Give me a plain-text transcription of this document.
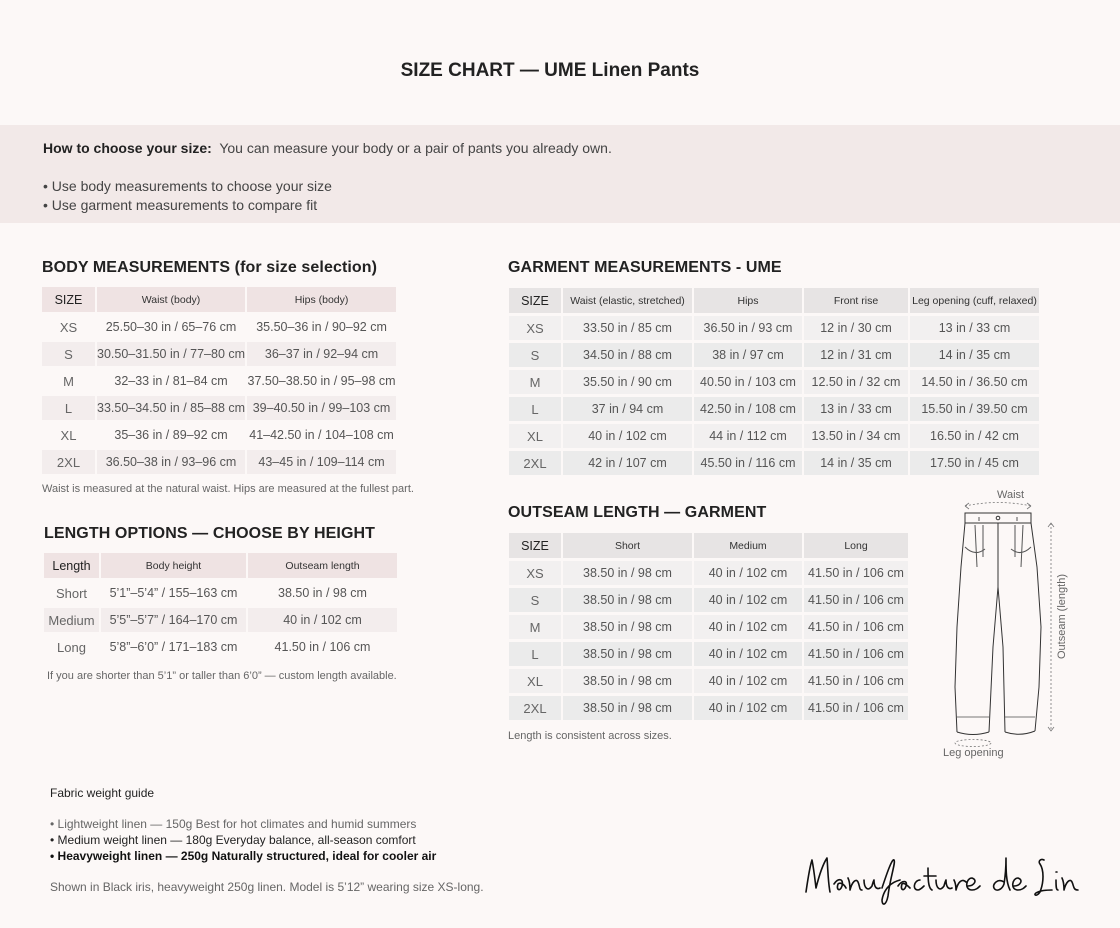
SIZE CHART — UME Linen Pants
How to choose your size: You can measure your body or a pair of pants you already own.
• Use body measurements to choose your size
• Use garment measurements to compare fit
BODY MEASUREMENTS (for size selection)
SIZE	Waist (body)	Hips (body)
XS	25.50–30 in / 65–76 cm	35.50–36 in / 90–92 cm
S	30.50–31.50 in / 77–80 cm	36–37 in / 92–94 cm
M	32–33 in / 81–84 cm	37.50–38.50 in / 95–98 cm
L	33.50–34.50 in / 85–88 cm	39–40.50 in / 99–103 cm
XL	35–36 in / 89–92 cm	41–42.50 in / 104–108 cm
2XL	36.50–38 in / 93–96 cm	43–45 in / 109–114 cm
Waist is measured at the natural waist. Hips are measured at the fullest part.
LENGTH OPTIONS — CHOOSE BY HEIGHT
Length	Body height	Outseam length
Short	5’1”–5’4” / 155–163 cm	38.50 in / 98 cm
Medium	5’5”–5’7” / 164–170 cm	40 in / 102 cm
Long	5’8”–6’0” / 171–183 cm	41.50 in / 106 cm
If you are shorter than 5’1” or taller than 6’0” — custom length available.
GARMENT MEASUREMENTS - UME
SIZE	Waist (elastic, stretched)	Hips	Front rise	Leg opening (cuff, relaxed)
XS	33.50 in / 85 cm	36.50 in / 93 cm	12 in / 30 cm	13 in / 33 cm
S	34.50 in / 88 cm	38 in / 97 cm	12 in / 31 cm	14 in / 35 cm
M	35.50 in / 90 cm	40.50 in / 103 cm	12.50 in / 32 cm	14.50 in / 36.50 cm
L	37 in / 94 cm	42.50 in / 108 cm	13 in / 33 cm	15.50 in / 39.50 cm
XL	40 in / 102 cm	44 in / 112 cm	13.50 in / 34 cm	16.50 in / 42 cm
2XL	42 in / 107 cm	45.50 in / 116 cm	14 in / 35 cm	17.50 in / 45 cm
OUTSEAM LENGTH — GARMENT
SIZE	Short	Medium	Long
XS	38.50 in / 98 cm	40 in / 102 cm	41.50 in / 106 cm
S	38.50 in / 98 cm	40 in / 102 cm	41.50 in / 106 cm
M	38.50 in / 98 cm	40 in / 102 cm	41.50 in / 106 cm
L	38.50 in / 98 cm	40 in / 102 cm	41.50 in / 106 cm
XL	38.50 in / 98 cm	40 in / 102 cm	41.50 in / 106 cm
2XL	38.50 in / 98 cm	40 in / 102 cm	41.50 in / 106 cm
Length is consistent across sizes.
Waist
Outseam (length)
Leg opening
Fabric weight guide
• Lightweight linen — 150g Best for hot climates and humid summers
• Medium weight linen — 180g Everyday balance, all-season comfort
• Heavyweight linen — 250g Naturally structured, ideal for cooler air
Shown in Black iris, heavyweight 250g linen. Model is 5’12” wearing size XS-long.
